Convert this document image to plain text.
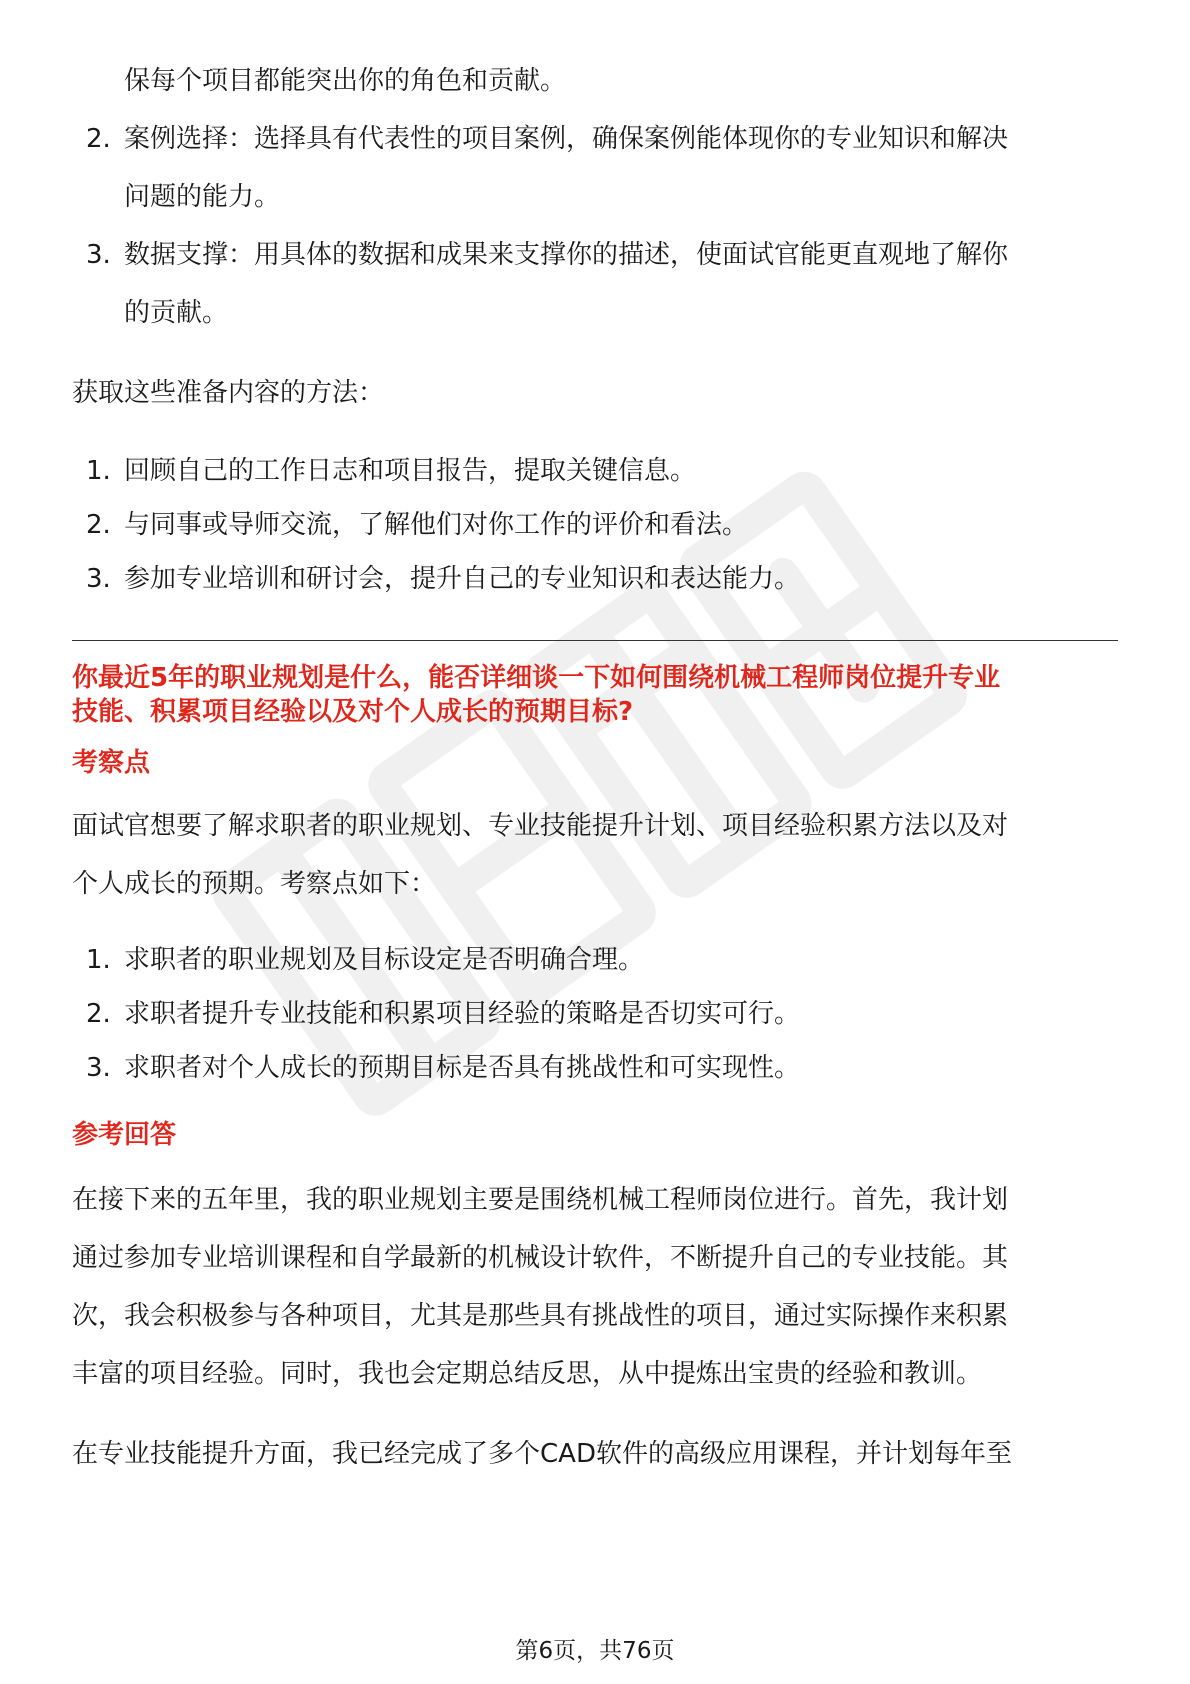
保每个项目都能突出你的角色和贡献。

2. 案例选择：选择具有代表性的项目案例，确保案例能体现你的专业知识和解决
问题的能力。
3. 数据支撑：用具体的数据和成果来支撑你的描述，使面试官能更直观地了解你
的贡献。

获取这些准备内容的方法：

1. 回顾自己的工作日志和项目报告，提取关键信息。
2. 与同事或导师交流，了解他们对你工作的评价和看法。
3. 参加专业培训和研讨会，提升自己的专业知识和表达能力。

你最近5年的职业规划是什么，能否详细谈一下如何围绕机械工程师岗位提升专业

技能、积累项目经验以及对个人成长的预期目标?

考察点

面试官想要了解求职者的职业规划、专业技能提升计划、项目经验积累方法以及对

个人成长的预期。考察点如下：

1. 求职者的职业规划及目标设定是否明确合理。
2. 求职者提升专业技能和积累项目经验的策略是否切实可行。
3. 求职者对个人成长的预期目标是否具有挑战性和可实现性。

参考回答

在接下来的五年里，我的职业规划主要是围绕机械工程师岗位进行。首先，我计划

通过参加专业培训课程和自学最新的机械设计软件，不断提升自己的专业技能。其

次，我会积极参与各种项目，尤其是那些具有挑战性的项目，通过实际操作来积累

丰富的项目经验。同时，我也会定期总结反思，从中提炼出宝贵的经验和教训。

在专业技能提升方面，我已经完成了多个CAD软件的高级应用课程，并计划每年至

第6页，共76页
